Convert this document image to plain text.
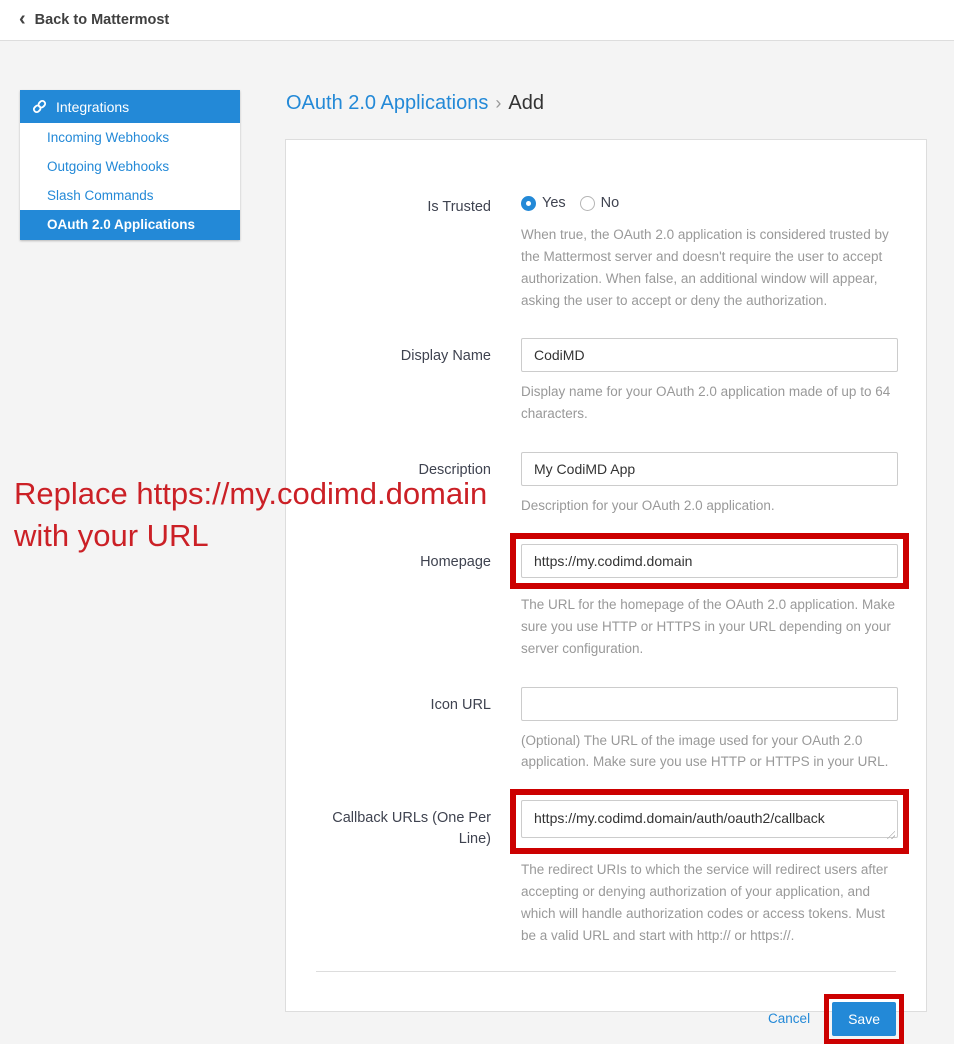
‹ Back to Mattermost
Integrations
Incoming Webhooks
Outgoing Webhooks
Slash Commands
OAuth 2.0 Applications
OAuth 2.0 Applications › Add
Is Trusted	Yes No
When true, the OAuth 2.0 application is considered trusted by the Mattermost server and doesn't require the user to accept authorization. When false, an additional window will appear, asking the user to accept or deny the authorization.
Display Name
CodiMD
Display name for your OAuth 2.0 application made of up to 64 characters.
Description
My CodiMD App
Description for your OAuth 2.0 application.
Homepage
https://my.codimd.domain
The URL for the homepage of the OAuth 2.0 application. Make sure you use HTTP or HTTPS in your URL depending on your server configuration.
Icon URL
(Optional) The URL of the image used for your OAuth 2.0 application. Make sure you use HTTP or HTTPS in your URL.
Callback URLs (One Per Line)
https://my.codimd.domain/auth/oauth2/callback
The redirect URIs to which the service will redirect users after accepting or denying authorization of your application, and which will handle authorization codes or access tokens. Must be a valid URL and start with http:// or https://.
Cancel	Save
Replace https://my.codimd.domain
with your URL
